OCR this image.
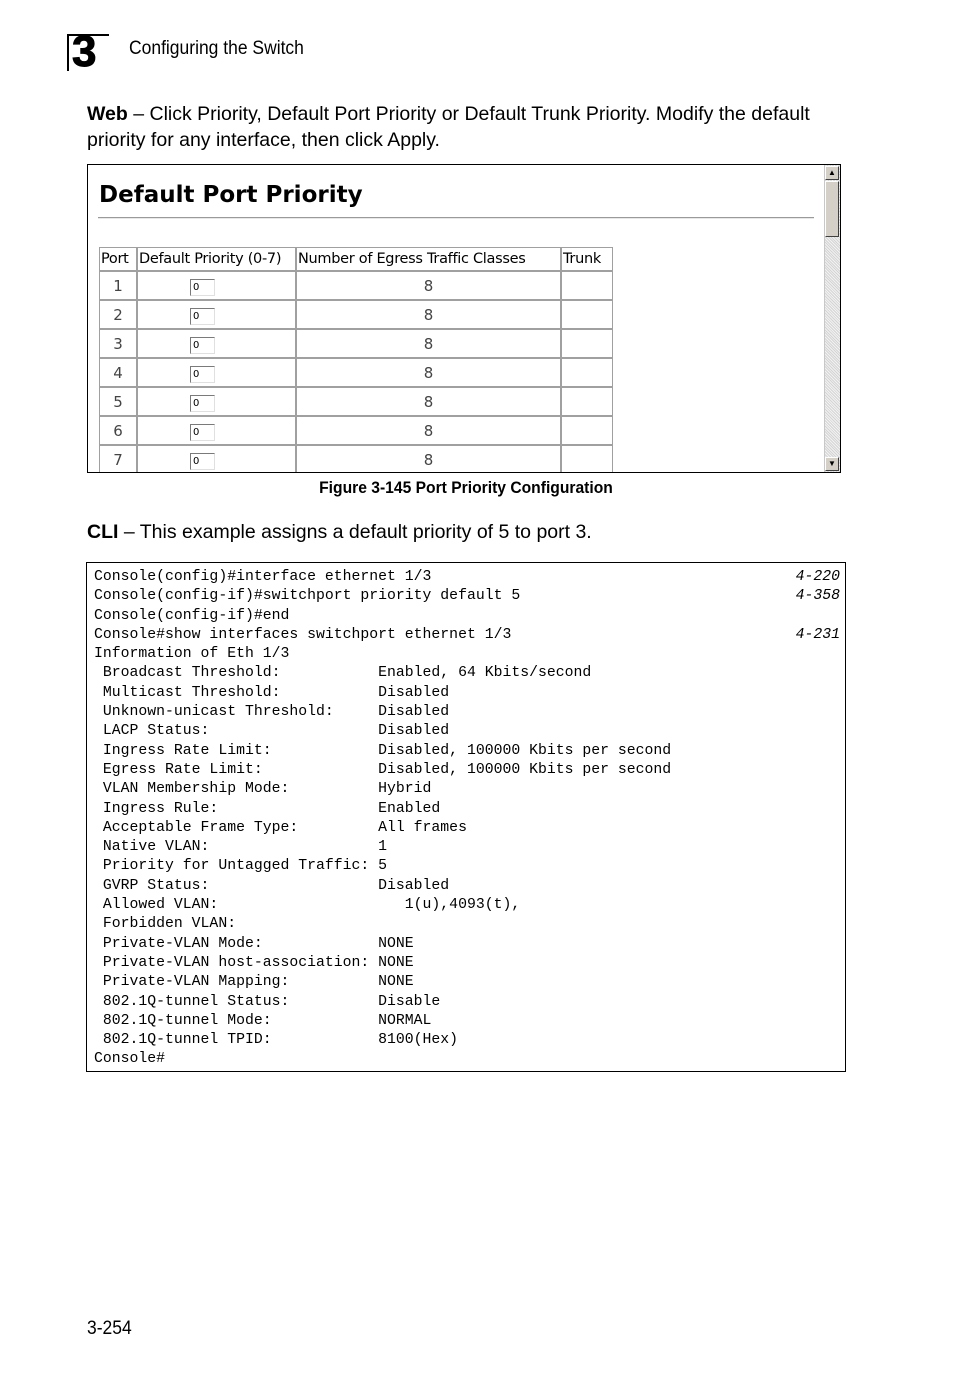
3 Configuring the Switch
Web – Click Priority, Default Port Priority or Default Trunk Priority. Modify the default priority for any interface, then click Apply.
Default Port Priority
Port	Default Priority (0-7)	Number of Egress Traffic Classes	Trunk
1	0	8	
2	0	8	
3	0	8	
4	0	8	
5	0	8	
6	0	8	
7	0	8	
▲
▼
Figure 3-145 Port Priority Configuration
CLI – This example assigns a default priority of 5 to port 3.
Console(config)#interface ethernet 1/3	4-220
Console(config-if)#switchport priority default 5	4-358
Console(config-if)#end
Console#show interfaces switchport ethernet 1/3	4-231
Information of Eth 1/3
Broadcast Threshold:           Enabled, 64 Kbits/second
Multicast Threshold:           Disabled
Unknown-unicast Threshold:     Disabled
LACP Status:                   Disabled
Ingress Rate Limit:            Disabled, 100000 Kbits per second
Egress Rate Limit:             Disabled, 100000 Kbits per second
VLAN Membership Mode:          Hybrid
Ingress Rule:                  Enabled
Acceptable Frame Type:         All frames
Native VLAN:                   1
Priority for Untagged Traffic: 5
GVRP Status:                   Disabled
Allowed VLAN:                     1(u),4093(t),
Forbidden VLAN:
Private-VLAN Mode:             NONE
Private-VLAN host-association: NONE
Private-VLAN Mapping:          NONE
802.1Q-tunnel Status:          Disable
802.1Q-tunnel Mode:            NORMAL
802.1Q-tunnel TPID:            8100(Hex)
Console#
3-254
